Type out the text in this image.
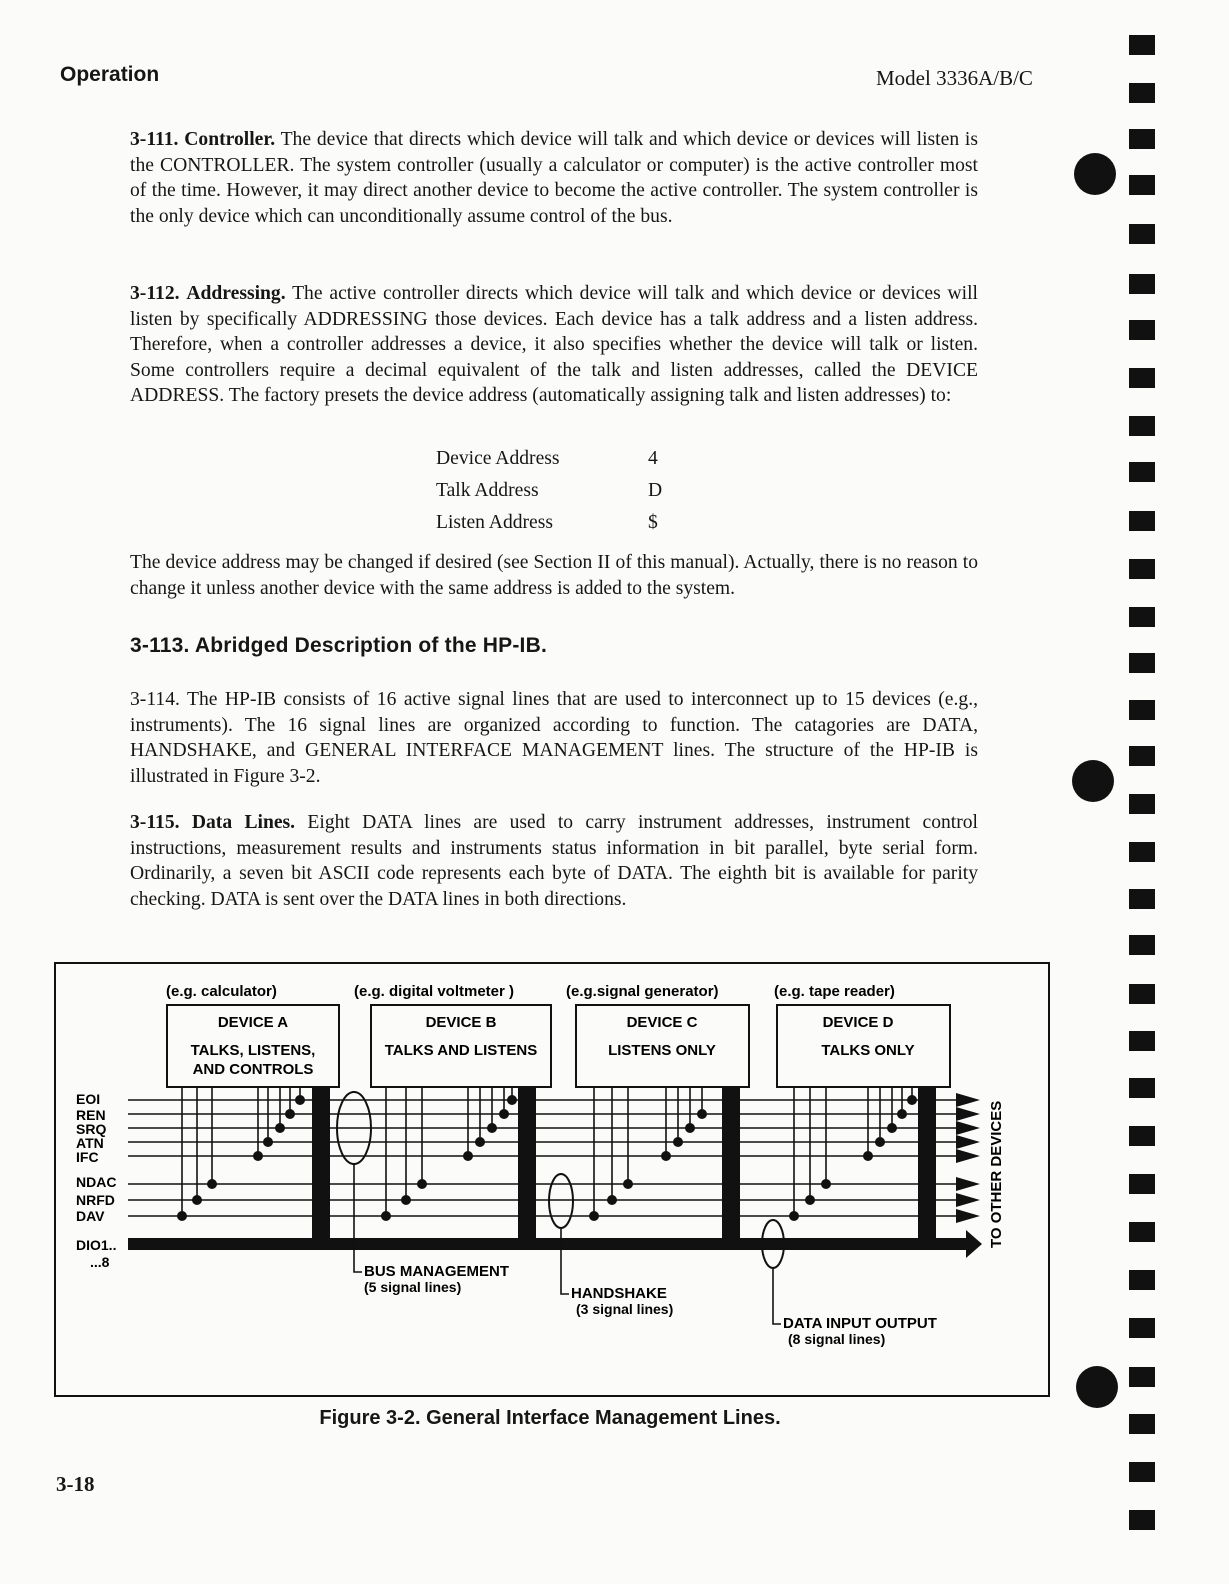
Operation	Model 3336A/B/C

3-111. Controller. The device that directs which device will talk and which device or devices will listen is the CONTROLLER. The system controller (usually a calculator or computer) is the active controller most of the time. However, it may direct another device to become the active controller. The system controller is the only device which can unconditionally assume control of the bus.

3-112. Addressing. The active controller directs which device will talk and which device or devices will listen by specifically ADDRESSING those devices. Each device has a talk address and a listen address. Therefore, when a controller addresses a device, it also specifies whether the device will talk or listen. Some controllers require a decimal equivalent of the talk and listen addresses, called the DEVICE ADDRESS. The factory presets the device address (automatically assigning talk and listen addresses) to:

Device Address	4
Talk Address	D
Listen Address	$

The device address may be changed if desired (see Section II of this manual). Actually, there is no reason to change it unless another device with the same address is added to the system.

3-113. Abridged Description of the HP-IB.

3-114. The HP-IB consists of 16 active signal lines that are used to interconnect up to 15 devices (e.g., instruments). The 16 signal lines are organized according to function. The catagories are DATA, HANDSHAKE, and GENERAL INTERFACE MANAGEMENT lines. The structure of the HP-IB is illustrated in Figure 3-2.

3-115. Data Lines. Eight DATA lines are used to carry instrument addresses, instrument control instructions, measurement results and instruments status information in bit parallel, byte serial form. Ordinarily, a seven bit ASCII code represents each byte of DATA. The eighth bit is available for parity checking. DATA is sent over the DATA lines in both directions.

(e.g. calculator)	(e.g. digital voltmeter )	(e.g.signal generator)	(e.g. tape reader)
DEVICE A
TALKS, LISTENS,
AND CONTROLS
DEVICE B
TALKS AND LISTENS
DEVICE C
LISTENS ONLY
DEVICE D
TALKS ONLY
EOI
REN
SRQ
ATN
IFC
NDAC
NRFD
DAV
DIO1..
...8
BUS MANAGEMENT
(5 signal lines)	HANDSHAKE
(3 signal lines)
DATA INPUT OUTPUT
(8 signal lines)
TO OTHER DEVICES
Figure 3-2. General Interface Management Lines.
3-18
